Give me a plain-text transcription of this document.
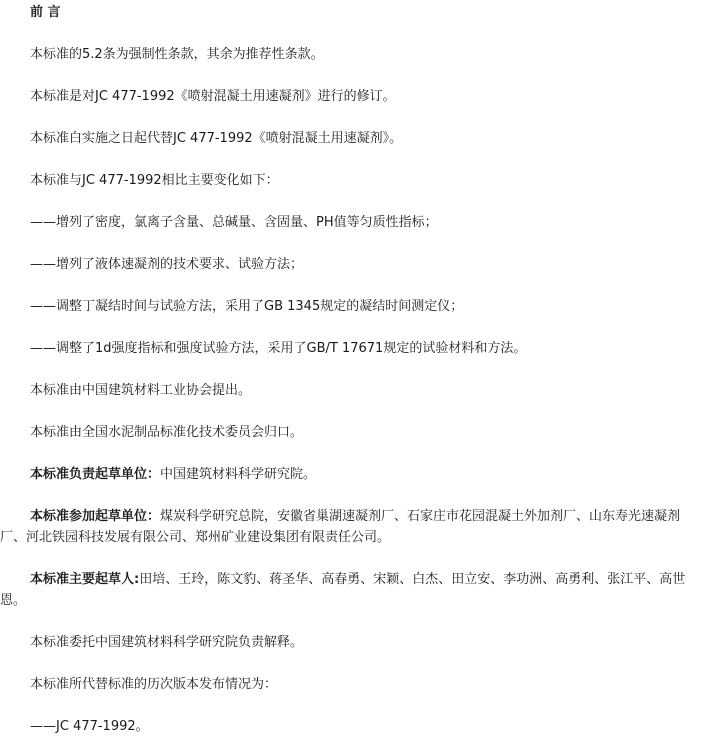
前 言

本标准的5.2条为强制性条款，其余为推荐性条款。

本标准是对JC 477-1992《喷射混凝土用速凝剂》进行的修订。

本标准白实施之日起代替JC 477-1992《喷射混凝土用速凝剂》。

本标准与JC 477-1992相比主要变化如下：

——增列了密度，氯离子含量、总碱量、含固量、PH值等匀质性指标；

——增列了液体速凝剂的技术要求、试验方法；

——调整丁凝结时间与试验方法，采用了GB 1345规定的凝结时间测定仪；

——调整了1d强度指标和强度试验方法，采用了GB/T 17671规定的试验材料和方法。

本标准由中国建筑材料工业协会提出。

本标准由全国水泥制品标准化技术委员会归口。

本标准负责起草单位：中国建筑材料科学研究院。

本标准参加起草单位：煤炭科学研究总院，安徽省巢湖速凝剂厂、石家庄市花园混凝土外加剂厂、山东寿光速凝剂厂、河北铁园科技发展有限公司、郑州矿业建设集团有限责任公司。

本标准主要起草人:田培、王玲，陈文豹、蒋圣华、高春勇、宋颖、白杰、田立安、李功洲、高勇利、张江平、高世恩。

本标准委托中国建筑材料科学研究院负责解释。

本标准所代替标准的历次版本发布情况为：

——JC 477-1992。
